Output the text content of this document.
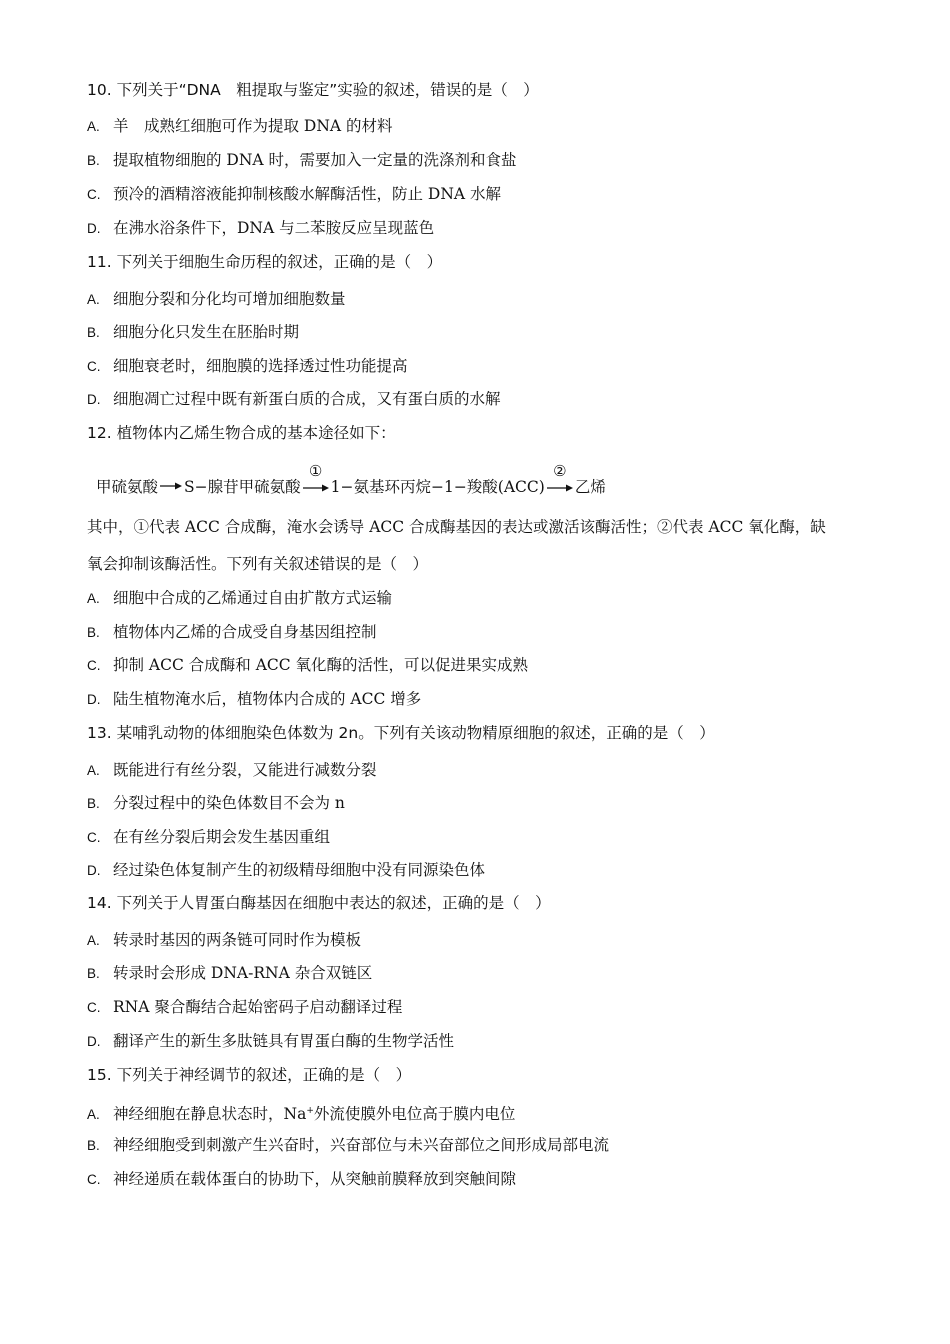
10. 下列关于“DNA　粗提取与鉴定”实验的叙述，错误的是（　）
A. 羊　成熟红细胞可作为提取 DNA 的材料
B. 提取植物细胞的 DNA 时，需要加入一定量的洗涤剂和食盐
C. 预冷的酒精溶液能抑制核酸水解酶活性，防止 DNA 水解
D. 在沸水浴条件下，DNA 与二苯胺反应呈现蓝色
11. 下列关于细胞生命历程的叙述，正确的是（　）
A. 细胞分裂和分化均可增加细胞数量
B. 细胞分化只发生在胚胎时期
C. 细胞衰老时，细胞膜的选择透过性功能提高
D. 细胞凋亡过程中既有新蛋白质的合成，又有蛋白质的水解
12. 植物体内乙烯生物合成的基本途径如下：
甲硫氨酸 S−腺苷甲硫氨酸
①
1−氨基环丙烷−1−羧酸(ACC)
②
乙烯
其中，①代表 ACC 合成酶，淹水会诱导 ACC 合成酶基因的表达或激活该酶活性；②代表 ACC 氧化酶，缺
氧会抑制该酶活性。下列有关叙述错误的是（　）
A. 细胞中合成的乙烯通过自由扩散方式运输
B. 植物体内乙烯的合成受自身基因组控制
C. 抑制 ACC 合成酶和 ACC 氧化酶的活性，可以促进果实成熟
D. 陆生植物淹水后，植物体内合成的 ACC 增多
13. 某哺乳动物的体细胞染色体数为 2n。下列有关该动物精原细胞的叙述，正确的是（　）
A. 既能进行有丝分裂，又能进行减数分裂
B. 分裂过程中的染色体数目不会为 n
C. 在有丝分裂后期会发生基因重组
D. 经过染色体复制产生的初级精母细胞中没有同源染色体
14. 下列关于人胃蛋白酶基因在细胞中表达的叙述，正确的是（　）
A. 转录时基因的两条链可同时作为模板
B. 转录时会形成 DNA-RNA 杂合双链区
C. RNA 聚合酶结合起始密码子启动翻译过程
D. 翻译产生的新生多肽链具有胃蛋白酶的生物学活性
15. 下列关于神经调节的叙述，正确的是（　）
A. 神经细胞在静息状态时，Na+外流使膜外电位高于膜内电位
B. 神经细胞受到刺激产生兴奋时，兴奋部位与未兴奋部位之间形成局部电流
C. 神经递质在载体蛋白的协助下，从突触前膜释放到突触间隙
